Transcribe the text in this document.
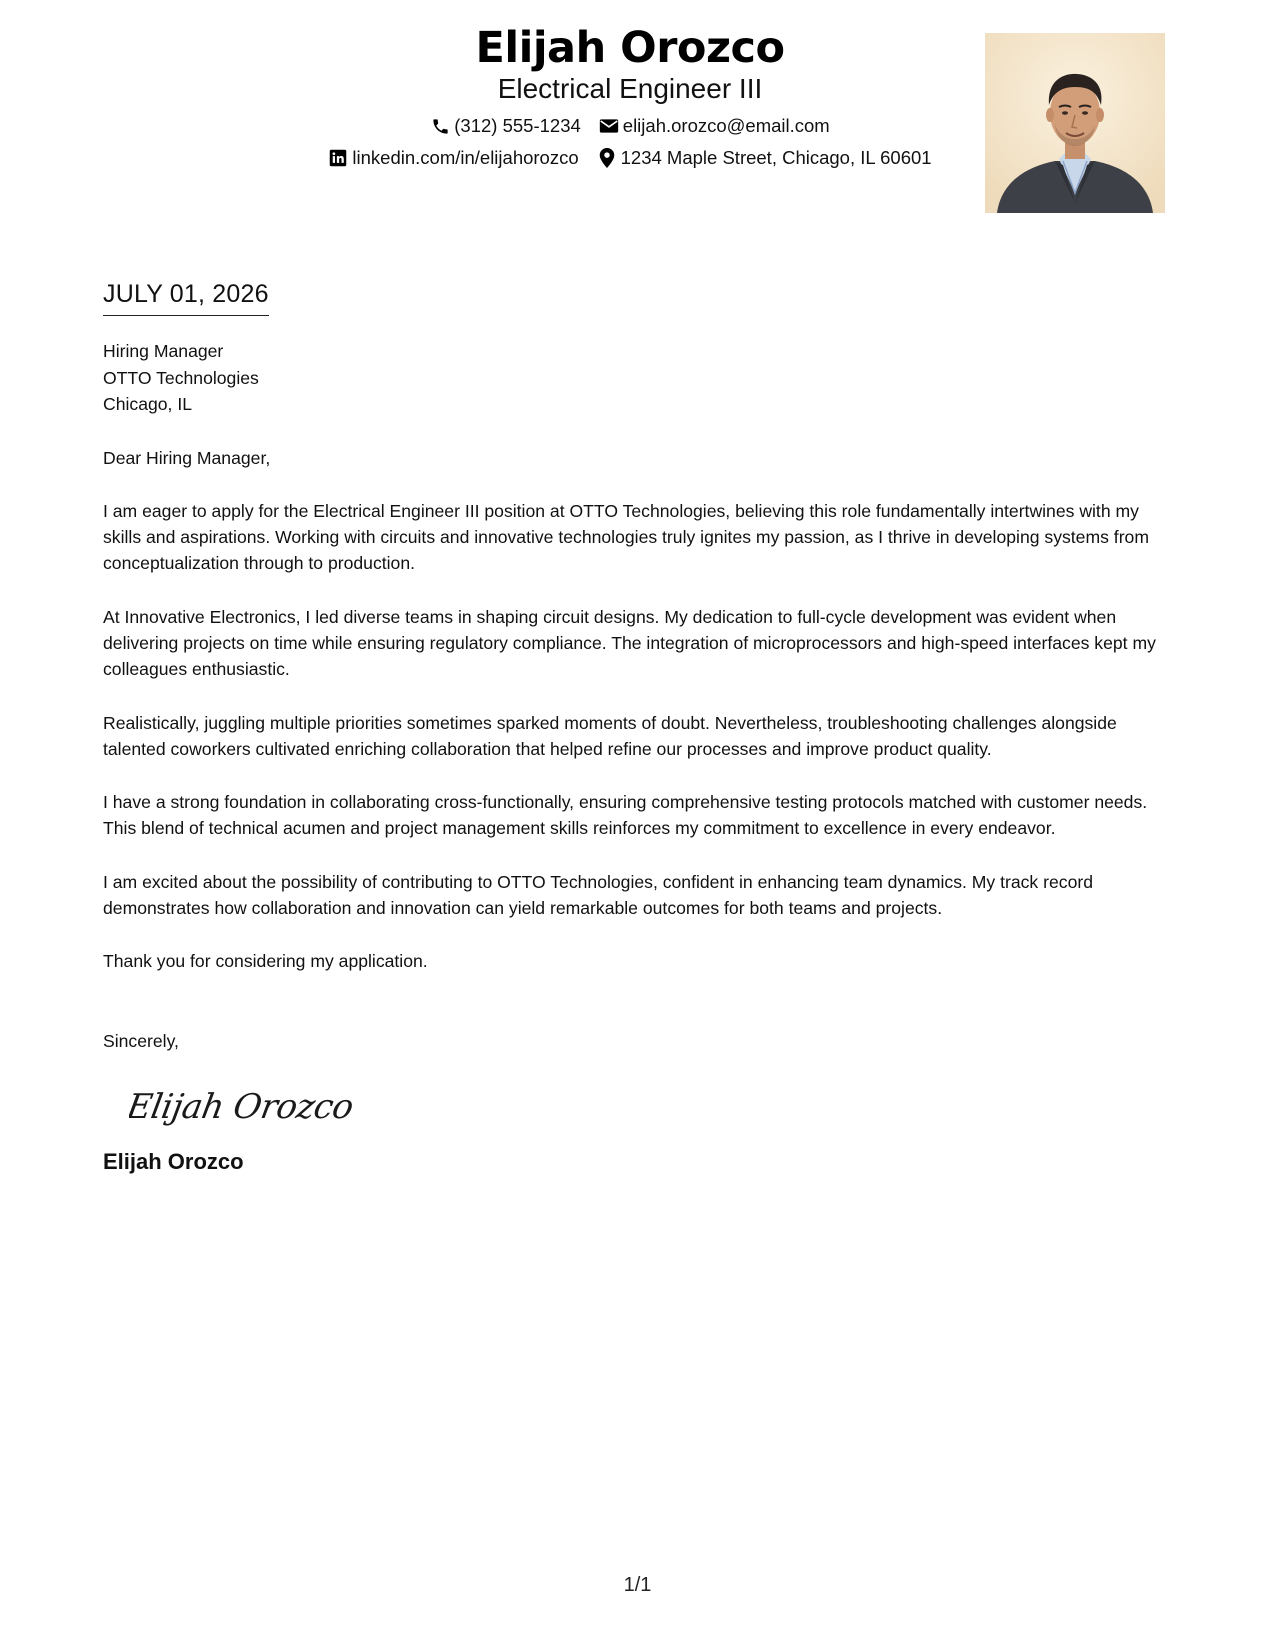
Elijah Orozco
Electrical Engineer III
(312) 555-1234 elijah.orozco@email.com
linkedin.com/in/elijahorozco 1234 Maple Street, Chicago, IL 60601
JULY 01, 2026
Hiring Manager
OTTO Technologies
Chicago, IL
Dear Hiring Manager,
I am eager to apply for the Electrical Engineer III position at OTTO Technologies, believing this role fundamentally intertwines with my skills and aspirations. Working with circuits and innovative technologies truly ignites my passion, as I thrive in developing systems from conceptualization through to production.
At Innovative Electronics, I led diverse teams in shaping circuit designs. My dedication to full-cycle development was evident when delivering projects on time while ensuring regulatory compliance. The integration of microprocessors and high-speed interfaces kept my colleagues enthusiastic.
Realistically, juggling multiple priorities sometimes sparked moments of doubt. Nevertheless, troubleshooting challenges alongside talented coworkers cultivated enriching collaboration that helped refine our processes and improve product quality.
I have a strong foundation in collaborating cross-functionally, ensuring comprehensive testing protocols matched with customer needs. This blend of technical acumen and project management skills reinforces my commitment to excellence in every endeavor.
I am excited about the possibility of contributing to OTTO Technologies, confident in enhancing team dynamics. My track record demonstrates how collaboration and innovation can yield remarkable outcomes for both teams and projects.
Thank you for considering my application.
Sincerely,
Elijah Orozco
Elijah Orozco
1/1
